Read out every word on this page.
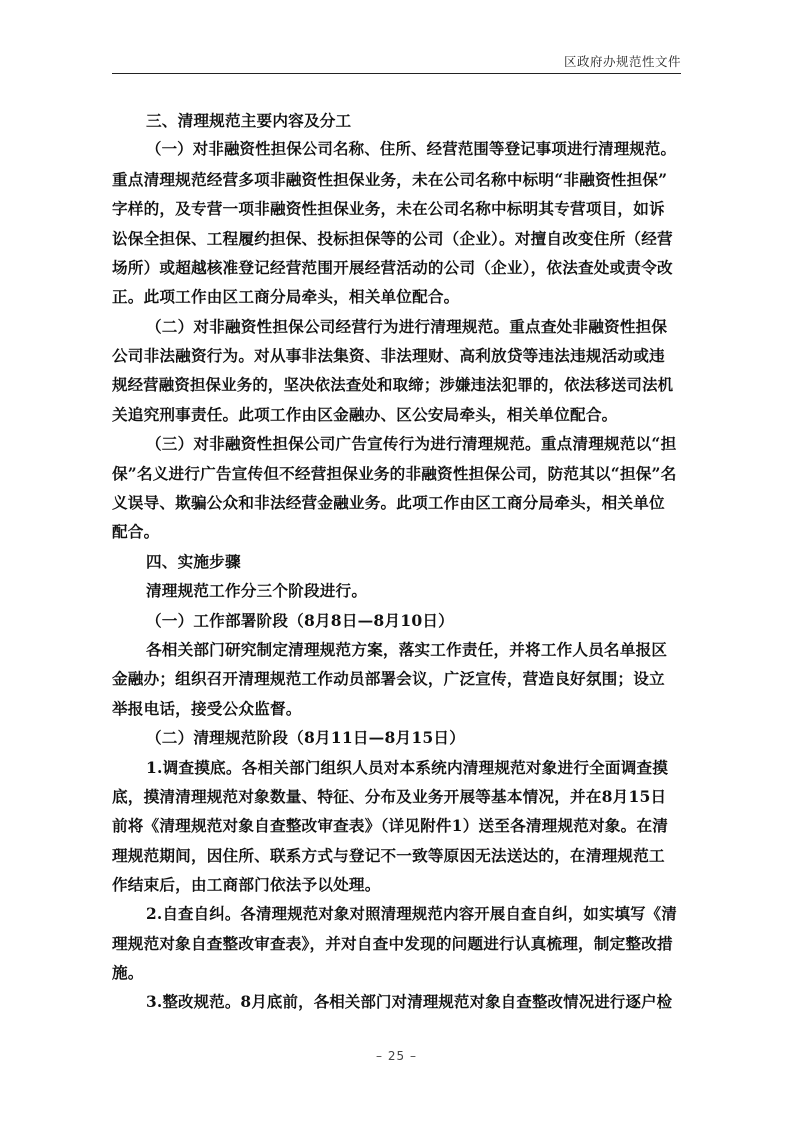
区政府办规范性文件
三、清理规范主要内容及分工
（一）对非融资性担保公司名称、住所、经营范围等登记事项进行清理规范。
重点清理规范经营多项非融资性担保业务，未在公司名称中标明“非融资性担保”
字样的，及专营一项非融资性担保业务，未在公司名称中标明其专营项目，如诉
讼保全担保、工程履约担保、投标担保等的公司（企业）。对擅自改变住所（经营
场所）或超越核准登记经营范围开展经营活动的公司（企业），依法查处或责令改
正。此项工作由区工商分局牵头，相关单位配合。
（二）对非融资性担保公司经营行为进行清理规范。重点查处非融资性担保
公司非法融资行为。对从事非法集资、非法理财、高利放贷等违法违规活动或违
规经营融资担保业务的，坚决依法查处和取缔；涉嫌违法犯罪的，依法移送司法机
关追究刑事责任。此项工作由区金融办、区公安局牵头，相关单位配合。
（三）对非融资性担保公司广告宣传行为进行清理规范。重点清理规范以“担
保”名义进行广告宣传但不经营担保业务的非融资性担保公司，防范其以“担保”名
义误导、欺骗公众和非法经营金融业务。此项工作由区工商分局牵头，相关单位
配合。
四、实施步骤
清理规范工作分三个阶段进行。
（一）工作部署阶段（8月8日—8月10日）
各相关部门研究制定清理规范方案，落实工作责任，并将工作人员名单报区
金融办；组织召开清理规范工作动员部署会议，广泛宣传，营造良好氛围；设立
举报电话，接受公众监督。
（二）清理规范阶段（8月11日—8月15日）
1.调查摸底。各相关部门组织人员对本系统内清理规范对象进行全面调查摸
底，摸清清理规范对象数量、特征、分布及业务开展等基本情况，并在8月15日
前将《清理规范对象自查整改审查表》（详见附件1）送至各清理规范对象。在清
理规范期间，因住所、联系方式与登记不一致等原因无法送达的，在清理规范工
作结束后，由工商部门依法予以处理。
2.自查自纠。各清理规范对象对照清理规范内容开展自查自纠，如实填写《清
理规范对象自查整改审查表》，并对自查中发现的问题进行认真梳理，制定整改措
施。
3.整改规范。8月底前，各相关部门对清理规范对象自查整改情况进行逐户检
– 25 –
